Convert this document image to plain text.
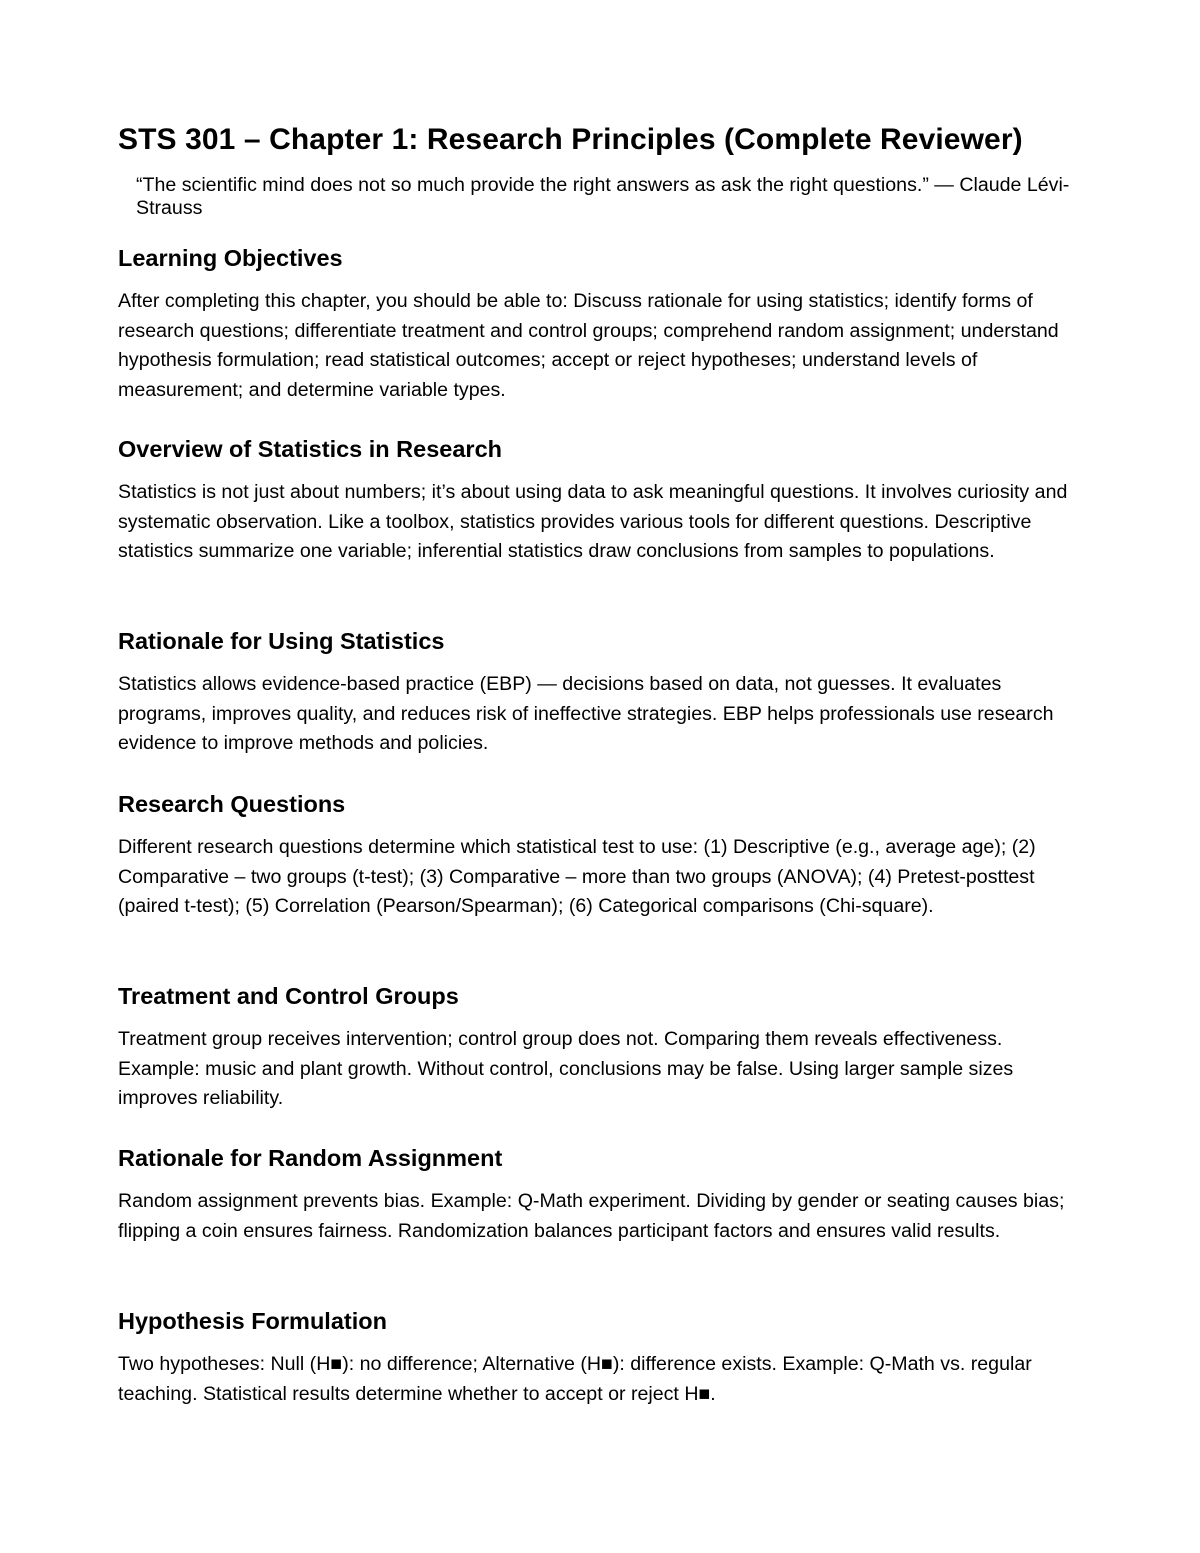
STS 301 – Chapter 1: Research Principles (Complete Reviewer)
“The scientific mind does not so much provide the right answers as ask the right questions.” — Claude Lévi-Strauss
Learning Objectives

After completing this chapter, you should be able to: Discuss rationale for using statistics; identify forms of research questions; differentiate treatment and control groups; comprehend random assignment; understand hypothesis formulation; read statistical outcomes; accept or reject hypotheses; understand levels of measurement; and determine variable types.

Overview of Statistics in Research

Statistics is not just about numbers; it’s about using data to ask meaningful questions. It involves curiosity and systematic observation. Like a toolbox, statistics provides various tools for different questions. Descriptive statistics summarize one variable; inferential statistics draw conclusions from samples to populations.

Rationale for Using Statistics

Statistics allows evidence-based practice (EBP) — decisions based on data, not guesses. It evaluates programs, improves quality, and reduces risk of ineffective strategies. EBP helps professionals use research evidence to improve methods and policies.

Research Questions

Different research questions determine which statistical test to use: (1) Descriptive (e.g., average age); (2) Comparative – two groups (t-test); (3) Comparative – more than two groups (ANOVA); (4) Pretest-posttest (paired t-test); (5) Correlation (Pearson/Spearman); (6) Categorical comparisons (Chi-square).

Treatment and Control Groups

Treatment group receives intervention; control group does not. Comparing them reveals effectiveness. Example: music and plant growth. Without control, conclusions may be false. Using larger sample sizes improves reliability.

Rationale for Random Assignment

Random assignment prevents bias. Example: Q-Math experiment. Dividing by gender or seating causes bias; flipping a coin ensures fairness. Randomization balances participant factors and ensures valid results.

Hypothesis Formulation

Two hypotheses: Null (H■): no difference; Alternative (H■): difference exists. Example: Q-Math vs. regular teaching. Statistical results determine whether to accept or reject H■.
